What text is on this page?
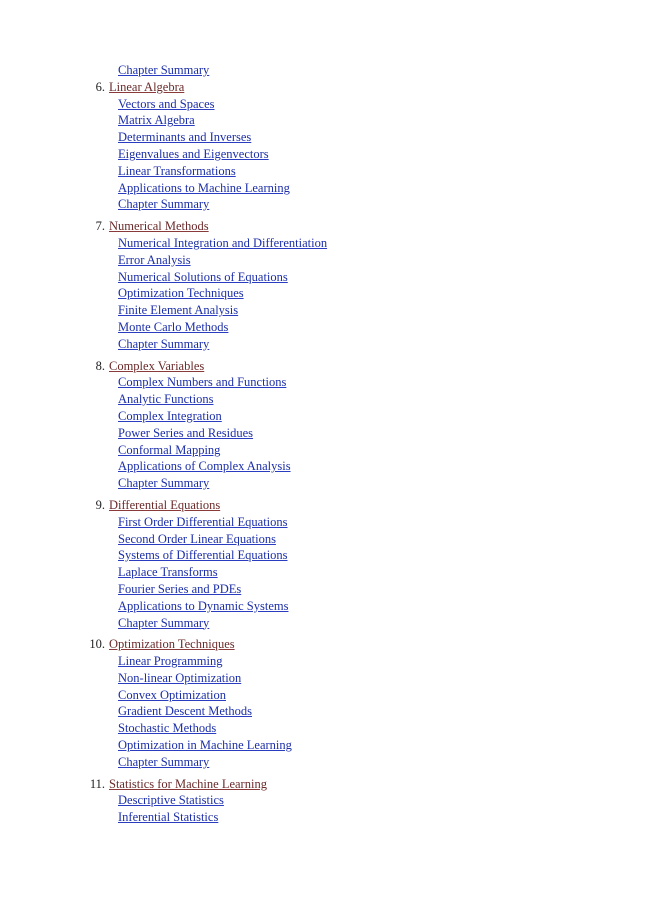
Chapter Summary
6. Linear Algebra
Vectors and Spaces
Matrix Algebra
Determinants and Inverses
Eigenvalues and Eigenvectors
Linear Transformations
Applications to Machine Learning
Chapter Summary
7. Numerical Methods
Numerical Integration and Differentiation
Error Analysis
Numerical Solutions of Equations
Optimization Techniques
Finite Element Analysis
Monte Carlo Methods
Chapter Summary
8. Complex Variables
Complex Numbers and Functions
Analytic Functions
Complex Integration
Power Series and Residues
Conformal Mapping
Applications of Complex Analysis
Chapter Summary
9. Differential Equations
First Order Differential Equations
Second Order Linear Equations
Systems of Differential Equations
Laplace Transforms
Fourier Series and PDEs
Applications to Dynamic Systems
Chapter Summary
10. Optimization Techniques
Linear Programming
Non-linear Optimization
Convex Optimization
Gradient Descent Methods
Stochastic Methods
Optimization in Machine Learning
Chapter Summary
11. Statistics for Machine Learning
Descriptive Statistics
Inferential Statistics
